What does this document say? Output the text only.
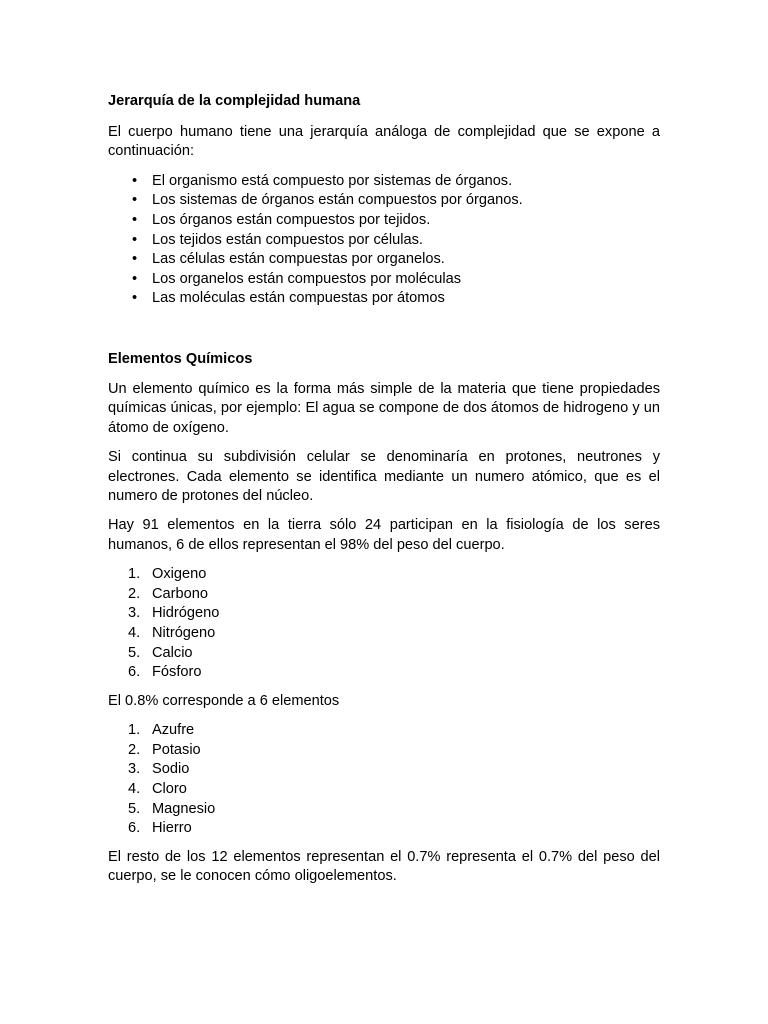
Jerarquía de la complejidad humana

El cuerpo humano tiene una jerarquía análoga de complejidad que se expone a continuación:

• El organismo está compuesto por sistemas de órganos.
• Los sistemas de órganos están compuestos por órganos.
• Los órganos están compuestos por tejidos.
• Los tejidos están compuestos por células.
• Las células están compuestas por organelos.
• Los organelos están compuestos por moléculas
• Las moléculas están compuestas por átomos

Elementos Químicos

Un elemento químico es la forma más simple de la materia que tiene propiedades químicas únicas, por ejemplo: El agua se compone de dos átomos de hidrogeno y un átomo de oxígeno.

Si continua su subdivisión celular se denominaría en protones, neutrones y electrones. Cada elemento se identifica mediante un numero atómico, que es el numero de protones del núcleo.

Hay 91 elementos en la tierra sólo 24 participan en la fisiología de los seres humanos, 6 de ellos representan el 98% del peso del cuerpo.

1. Oxigeno
2. Carbono
3. Hidrógeno
4. Nitrógeno
5. Calcio
6. Fósforo

El 0.8% corresponde a 6 elementos

1. Azufre
2. Potasio
3. Sodio
4. Cloro
5. Magnesio
6. Hierro

El resto de los 12 elementos representan el 0.7% representa el 0.7% del peso del cuerpo, se le conocen cómo oligoelementos.
